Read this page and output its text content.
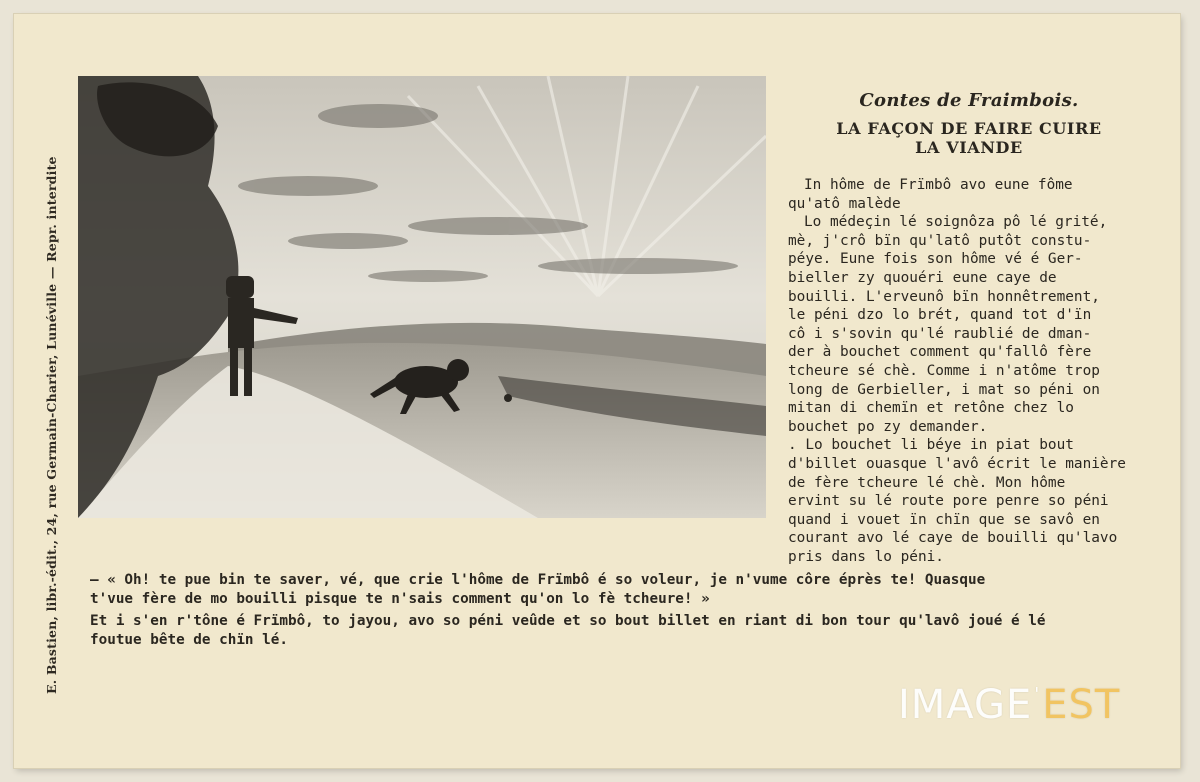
E. Bastien, libr.-édit., 24, rue Germain-Charier, Lunéville — Repr. interdite
Contes de Fraimbois.
LA FAÇON DE FAIRE CUIRE
LA VIANDE

In hôme de Frïmbô avo eune fôme
qu'atô malède

Lo médeçin lé soignôza pô lé grité,
mè, j'crô bïn qu'latô putôt constu-
péye. Eune fois son hôme vé é Ger-
bieller zy quouéri eune caye de
bouilli. L'erveunô bïn honnêtrement,
le péni dzo lo brét, quand tot d'ïn
cô i s'sovin qu'lé raublié de dman-
der à bouchet comment qu'fallô fère
tcheure sé chè. Comme i n'atôme trop
long de Gerbieller, i mat so péni on
mitan di chemïn et retône chez lo
bouchet po zy demander.

. Lo bouchet li béye in piat bout
d'billet ouasque l'avô écrit le manière
de fère tcheure lé chè. Mon hôme
ervint su lé route pore penre so péni
quand i vouet ïn chïn que se savô en
courant avo lé caye de bouilli qu'lavo
pris dans lo péni.

— « Oh! te pue bin te saver, vé, que crie l'hôme de Frïmbô é so voleur, je n'vume côre éprès te! Quasque
t'vue fère de mo bouilli pisque te n'sais comment qu'on lo fè tcheure! »

Et i s'en r'tône é Frïmbô, to jayou, avo so péni veûde et so bout billet en riant di bon tour qu'lavô joué é lé
foutue bête de chïn lé.

IMAGE 'EST
